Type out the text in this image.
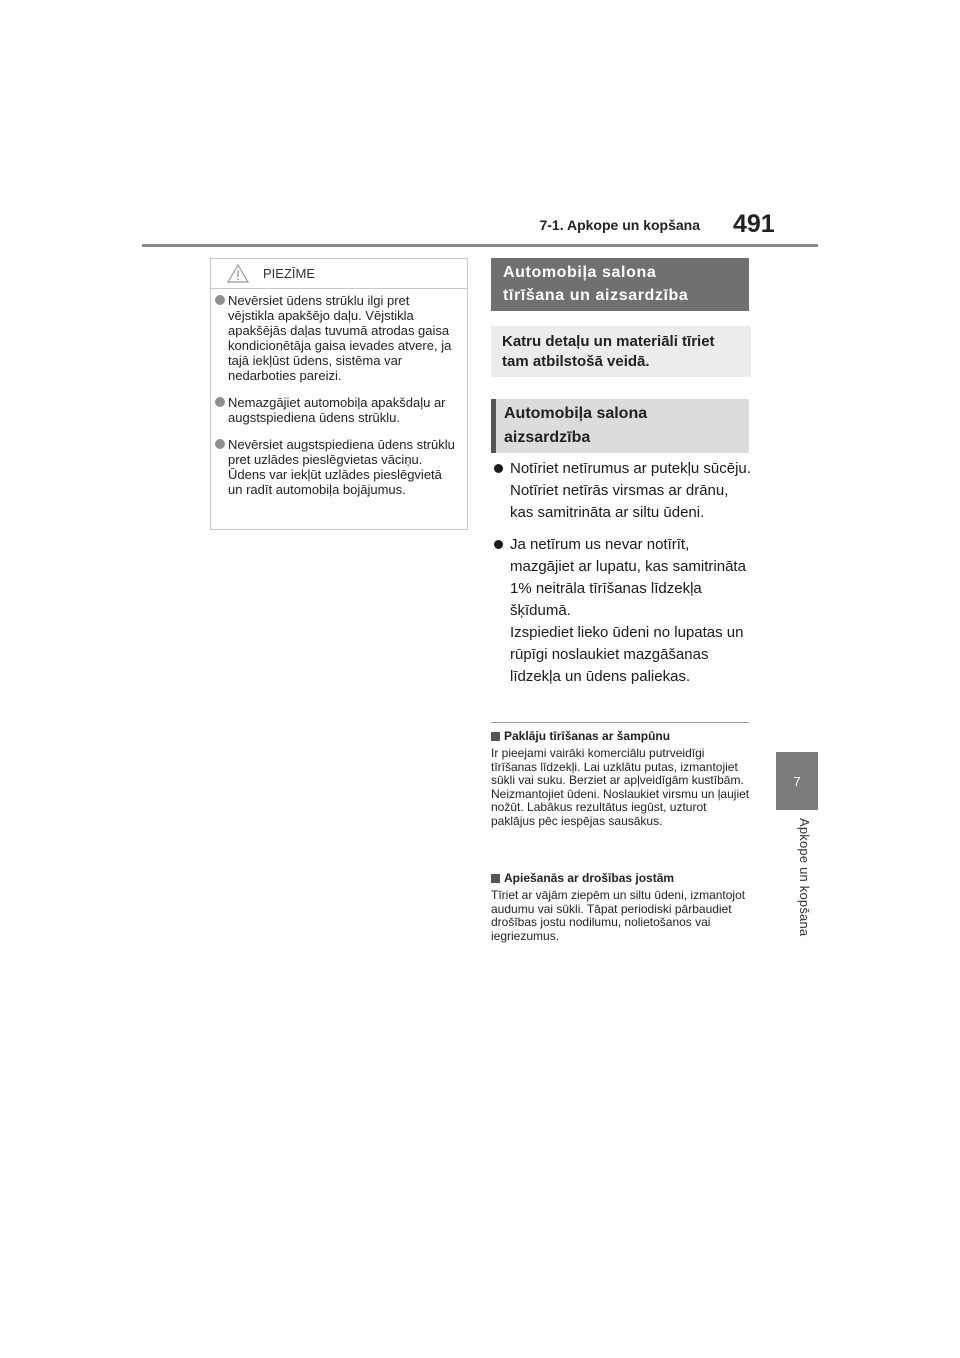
7-1. Apkope un kopšana 491
7
Apkope un kopšana
PIEZĪME
Nevērsiet ūdens strūklu ilgi pret vējstikla apakšējo daļu. Vējstikla apakšējās daļas tuvumā atrodas gaisa kondicionētāja gaisa ievades atvere, ja tajā iekļūst ūdens, sistēma var nedarboties pareizi.
Nemazgājiet automobiļa apakšdaļu ar augstspiediena ūdens strūklu.
Nevērsiet augstspiediena ūdens strūklu pret uzlādes pieslēgvietas vāciņu. Ūdens var iekļūt uzlādes pieslēgvietā un radīt automobiļa bojājumus.
Automobiļa salona
tīrīšana un aizsardzība
Katru detaļu un materiāli tīriet tam atbilstošā veidā.
Automobiļa salona
aizsardzība
Notīriet netīrumus ar putekļu sūcēju. Notīriet netīrās virsmas ar drānu, kas samitrināta ar siltu ūdeni.
Ja netīrum us nevar notīrīt, mazgājiet ar lupatu, kas samitrināta 1% neitrāla tīrīšanas līdzekļa šķīdumā.
Izspiediet lieko ūdeni no lupatas un rūpīgi noslaukiet mazgāšanas līdzekļa un ūdens paliekas.
Paklāju tīrīšanas ar šampūnu
Ir pieejami vairāki komerciālu putrveidīgi tīrīšanas līdzekļi. Lai uzklātu putas, izmantojiet sūkli vai suku. Berziet ar apļveidīgām kustībām. Neizmantojiet ūdeni. Noslaukiet virsmu un ļaujiet nožūt. Labākus rezultātus iegūst, uzturot paklājus pēc iespējas sausākus.
Apiešanās ar drošības jostām
Tīriet ar vājām ziepēm un siltu ūdeni, izmantojot audumu vai sūkli. Tāpat periodiski pārbaudiet drošības jostu nodilumu, nolietošanos vai iegriezumus.
